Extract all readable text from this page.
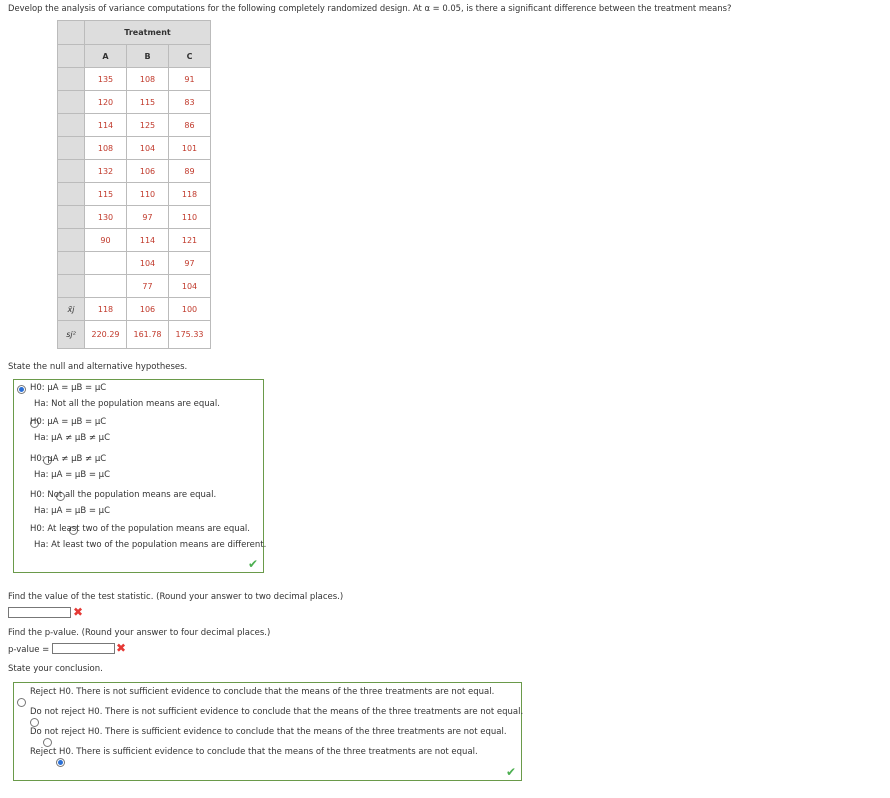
Develop the analysis of variance computations for the following completely randomized design. At α = 0.05, is there a significant difference between the treatment means?
	Treatment		
	A	B	C
	135	108	91
	120	115	83
	114	125	86
	108	104	101
	132	106	89
	115	110	118
	130	97	110
	90	114	121
		104	97
		77	104
x̄j	118	106	100
sj²	220.29	161.78	175.33
State the null and alternative hypotheses.
H0: μA = μB = μC
Ha: Not all the population means are equal.
H0: μA = μB = μC
Ha: μA ≠ μB ≠ μC
H0: μA ≠ μB ≠ μC
Ha: μA = μB = μC
H0: Not all the population means are equal.
Ha: μA = μB = μC
H0: At least two of the population means are equal.
Ha: At least two of the population means are different.
✔
Find the value of the test statistic. (Round your answer to two decimal places.)
✖
Find the p-value. (Round your answer to four decimal places.)
p-value =	✖
State your conclusion.
Reject H0. There is not sufficient evidence to conclude that the means of the three treatments are not equal.
Do not reject H0. There is not sufficient evidence to conclude that the means of the three treatments are not equal.
Do not reject H0. There is sufficient evidence to conclude that the means of the three treatments are not equal.
Reject H0. There is sufficient evidence to conclude that the means of the three treatments are not equal.
✔
